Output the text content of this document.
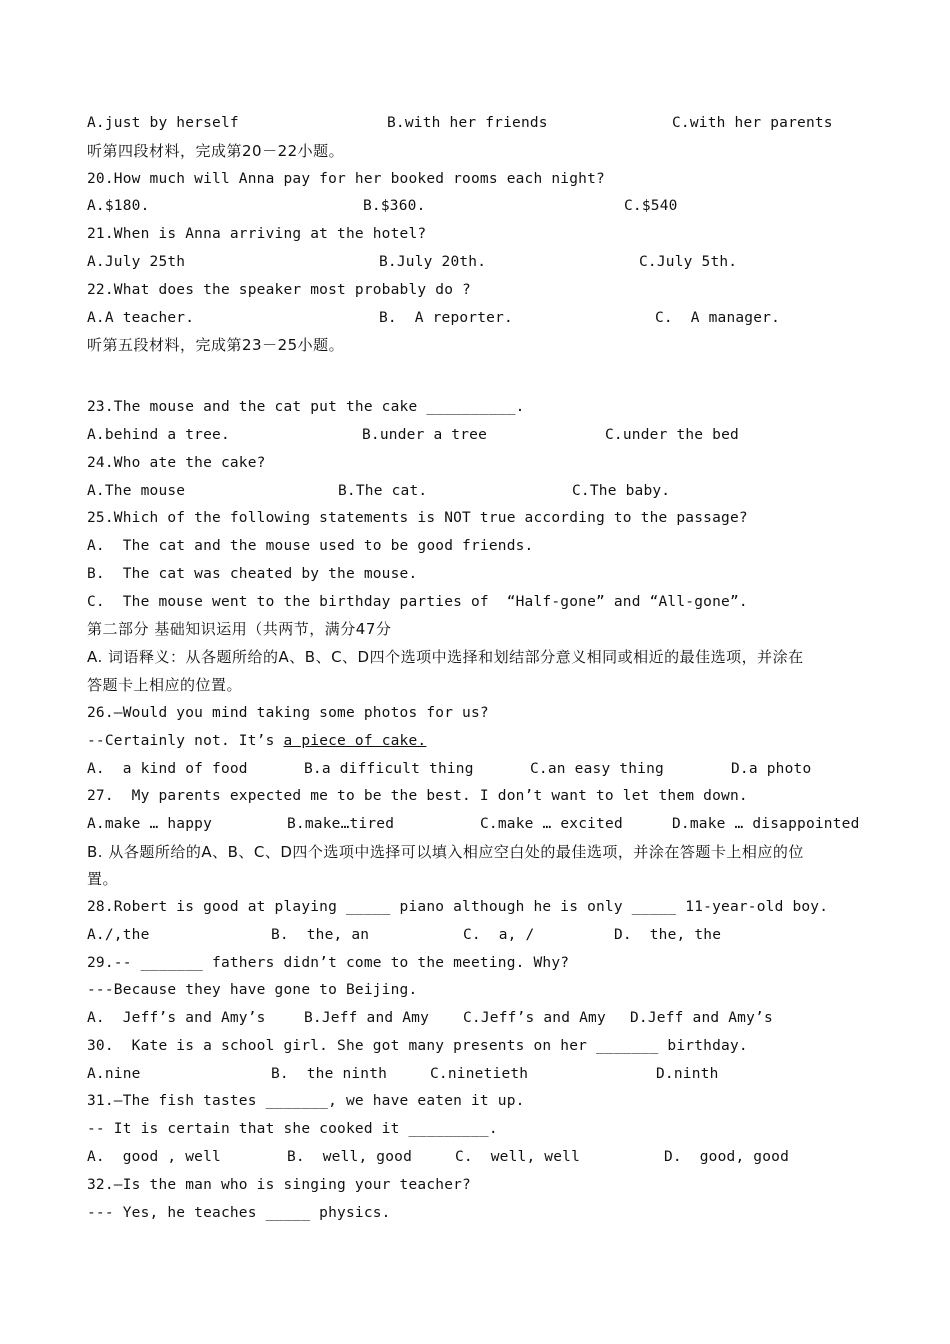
A.just by herself	B.with her friends	C.with her parents
听第四段材料，完成第20－22小题。
20.How much will Anna pay for her booked rooms each night?
A.$180.	B.$360.	C.$540
21.When is Anna arriving at the hotel?
A.July 25th	B.July 20th.	C.July 5th.
22.What does the speaker most probably do ?
A.A teacher.	B.  A reporter.	C.  A manager.
听第五段材料，完成第23－25小题。
23.The mouse and the cat put the cake __________.
A.behind a tree.	B.under a tree	C.under the bed
24.Who ate the cake?
A.The mouse	B.The cat.	C.The baby.
25.Which of the following statements is NOT true according to the passage?
A.  The cat and the mouse used to be good friends.
B.  The cat was cheated by the mouse.
C.  The mouse went to the birthday parties of  “Half-gone” and “All-gone”.
第二部分 基础知识运用（共两节，满分47分
A. 词语释义：从各题所给的A、B、C、D四个选项中选择和划结部分意义相同或相近的最佳选项，并涂在
答题卡上相应的位置。
26.—Would you mind taking some photos for us?
--Certainly not. It’s a piece of cake.
A.  a kind of food	B.a difficult thing	C.an easy thing	D.a photo
27.  My parents expected me to be the best. I don’t want to let them down.
A.make … happy	B.make…tired	C.make … excited	D.make … disappointed
B. 从各题所给的A、B、C、D四个选项中选择可以填入相应空白处的最佳选项，并涂在答题卡上相应的位
置。
28.Robert is good at playing _____ piano although he is only _____ 11-year-old boy.
A./,the	B.  the, an	C.  a, /	D.  the, the
29.-- _______ fathers didn’t come to the meeting. Why?
---Because they have gone to Beijing.
A.  Jeff’s and Amy’s	B.Jeff and Amy C.Jeff’s and Amy D.Jeff and Amy’s
30.  Kate is a school girl. She got many presents on her _______ birthday.
A.nine	B.  the ninth	C.ninetieth	D.ninth
31.—The fish tastes _______, we have eaten it up.
-- It is certain that she cooked it _________.
A.  good , well	B.  well, good	C.  well, well	D.  good, good
32.—Is the man who is singing your teacher?
--- Yes, he teaches _____ physics.
